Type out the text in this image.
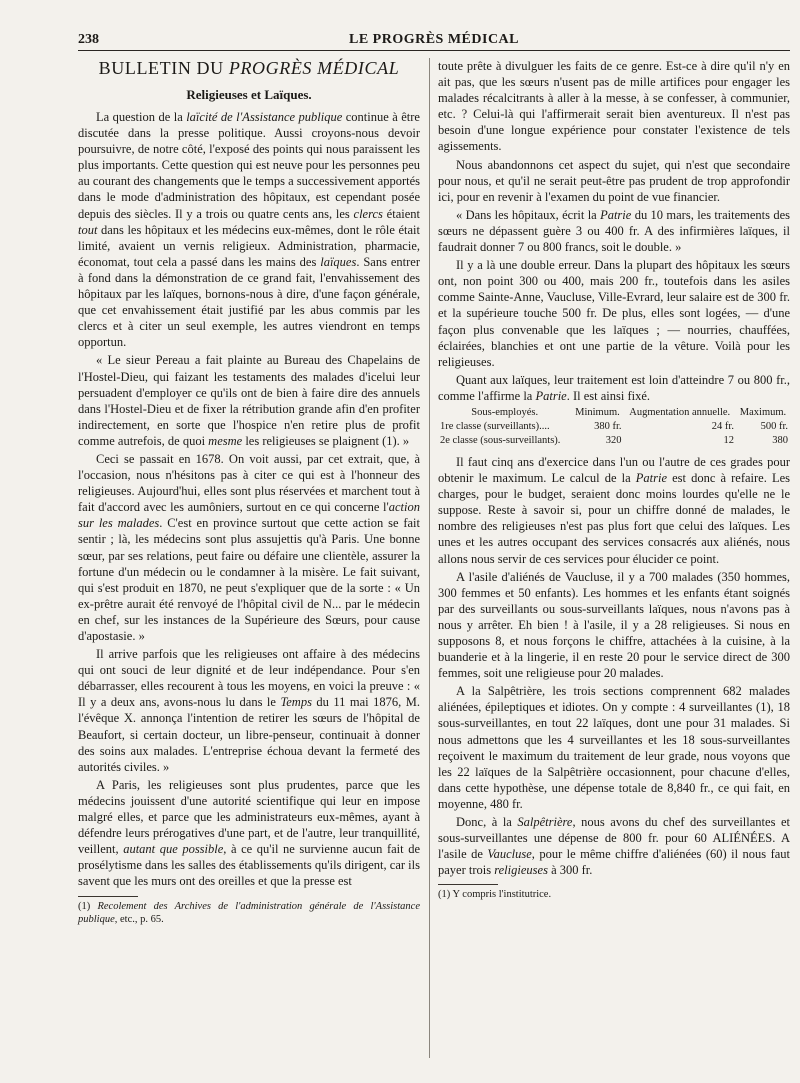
238	LE PROGRÈS MÉDICAL
BULLETIN DU PROGRÈS MÉDICAL
Religieuses et Laïques.

La question de la laïcité de l'Assistance publique continue à être discutée dans la presse politique. Aussi croyons-nous devoir poursuivre, de notre côté, l'exposé des points qui nous paraissent les plus importants. Cette question qui est neuve pour les personnes peu au courant des changements que le temps a successivement apportés dans le mode d'administration des hôpitaux, est cependant posée depuis des siècles. Il y a trois ou quatre cents ans, les clercs étaient tout dans les hôpitaux et les médecins eux-mêmes, dont le rôle était limité, avaient un vernis religieux. Administration, pharmacie, économat, tout cela a passé dans les mains des laïques. Sans entrer à fond dans la démonstration de ce grand fait, l'envahissement des hôpitaux par les laïques, bornons-nous à dire, d'une façon générale, que cet envahissement était justifié par les abus commis par les clercs et à citer un seul exemple, les autres viendront en temps opportun.

« Le sieur Pereau a fait plainte au Bureau des Chapelains de l'Hostel-Dieu, qui faizant les testaments des malades d'icelui leur persuadent d'employer ce qu'ils ont de bien à faire dire des annuels dans l'Hostel-Dieu et de fixer la rétribution grande afin d'en profiter indirectement, en sorte que l'hospice n'en retire plus de profit comme autrefois, de quoi mesme les religieuses se plaignent (1). »

Ceci se passait en 1678. On voit aussi, par cet extrait, que, à l'occasion, nous n'hésitons pas à citer ce qui est à l'honneur des religieuses. Aujourd'hui, elles sont plus réservées et marchent tout à fait d'accord avec les aumôniers, surtout en ce qui concerne l'action sur les malades. C'est en province surtout que cette action se fait sentir ; là, les médecins sont plus assujettis qu'à Paris. Une bonne sœur, par ses relations, peut faire ou défaire une clientèle, assurer la fortune d'un médecin ou le condamner à la misère. Le fait suivant, qui s'est produit en 1870, ne peut s'expliquer que de la sorte : « Un ex-prêtre aurait été renvoyé de l'hôpital civil de N... par le médecin en chef, sur les instances de la Supérieure des Sœurs, pour cause d'apostasie. »

Il arrive parfois que les religieuses ont affaire à des médecins qui ont souci de leur dignité et de leur indépendance. Pour s'en débarrasser, elles recourent à tous les moyens, en voici la preuve : « Il y a deux ans, avons-nous lu dans le Temps du 11 mai 1876, M. l'évêque X. annonça l'intention de retirer les sœurs de l'hôpital de Beaufort, si certain docteur, un libre-penseur, continuait à donner des soins aux malades. L'entreprise échoua devant la fermeté des autorités civiles. »

A Paris, les religieuses sont plus prudentes, parce que les médecins jouissent d'une autorité scientifique qui leur en impose malgré elles, et parce que les administrateurs eux-mêmes, ayant à défendre leurs prérogatives d'une part, et de l'autre, leur tranquillité, veillent, autant que possible, à ce qu'il ne survienne aucun fait de prosélytisme dans les salles des établissements qu'ils dirigent, car ils savent que les murs ont des oreilles et que la presse est

(1) Recolement des Archives de l'administration générale de l'Assistance publique, etc., p. 65.

toute prête à divulguer les faits de ce genre. Est-ce à dire qu'il n'y en ait pas, que les sœurs n'usent pas de mille artifices pour engager les malades récalcitrants à aller à la messe, à se confesser, à communier, etc. ? Celui-là qui l'affirmerait serait bien aventureux. Il n'est pas besoin d'une longue expérience pour constater l'existence de tels agissements.

Nous abandonnons cet aspect du sujet, qui n'est que secondaire pour nous, et qu'il ne serait peut-être pas prudent de trop approfondir ici, pour en revenir à l'examen du point de vue financier.

« Dans les hôpitaux, écrit la Patrie du 10 mars, les traitements des sœurs ne dépassent guère 3 ou 400 fr. A des infirmières laïques, il faudrait donner 7 ou 800 francs, soit le double. »

Il y a là une double erreur. Dans la plupart des hôpitaux les sœurs ont, non point 300 ou 400, mais 200 fr., toutefois dans les asiles comme Sainte-Anne, Vaucluse, Ville-Evrard, leur salaire est de 300 fr. et la supérieure touche 500 fr. De plus, elles sont logées, — d'une façon plus convenable que les laïques ; — nourries, chauffées, éclairées, blanchies et ont une partie de la vêture. Voilà pour les religieuses.

Quant aux laïques, leur traitement est loin d'atteindre 7 ou 800 fr., comme l'affirme la Patrie. Il est ainsi fixé.

Sous-employés.	Minimum.	Augmentation annuelle.	Maximum.
1re classe (surveillants)....	380 fr.	24 fr.	500 fr.
2e classe (sous-surveillants).	320	12	380

Il faut cinq ans d'exercice dans l'un ou l'autre de ces grades pour obtenir le maximum. Le calcul de la Patrie est donc à refaire. Les charges, pour le budget, seraient donc moins lourdes qu'elle ne le suppose. Reste à savoir si, pour un chiffre donné de malades, le nombre des religieuses n'est pas plus fort que celui des laïques. Les unes et les autres occupant des services consacrés aux aliénés, nous allons nous servir de ces services pour élucider ce point.

A l'asile d'aliénés de Vaucluse, il y a 700 malades (350 hommes, 300 femmes et 50 enfants). Les hommes et les enfants étant soignés par des surveillants ou sous-surveillants laïques, nous n'avons pas à nous y arrêter. Eh bien ! à l'asile, il y a 28 religieuses. Si nous en supposons 8, et nous forçons le chiffre, attachées à la cuisine, à la buanderie et à la lingerie, il en reste 20 pour le service direct de 300 femmes, soit une religieuse pour 20 malades.

A la Salpêtrière, les trois sections comprennent 682 malades aliénées, épileptiques et idiotes. On y compte : 4 surveillantes (1), 18 sous-surveillantes, en tout 22 laïques, dont une pour 31 malades. Si nous admettons que les 4 surveillantes et les 18 sous-surveillantes reçoivent le maximum du traitement de leur grade, nous voyons que les 22 laïques de la Salpêtrière occasionnent, pour chacune d'elles, dans cette hypothèse, une dépense totale de 8,840 fr., ce qui fait, en moyenne, 480 fr.

Donc, à la Salpêtrière, nous avons du chef des surveillantes et sous-surveillantes une dépense de 800 fr. pour 60 ALIÉNÉES. A l'asile de Vaucluse, pour le même chiffre d'aliénées (60) il nous faut payer trois religieuses à 300 fr.

(1) Y compris l'institutrice.
